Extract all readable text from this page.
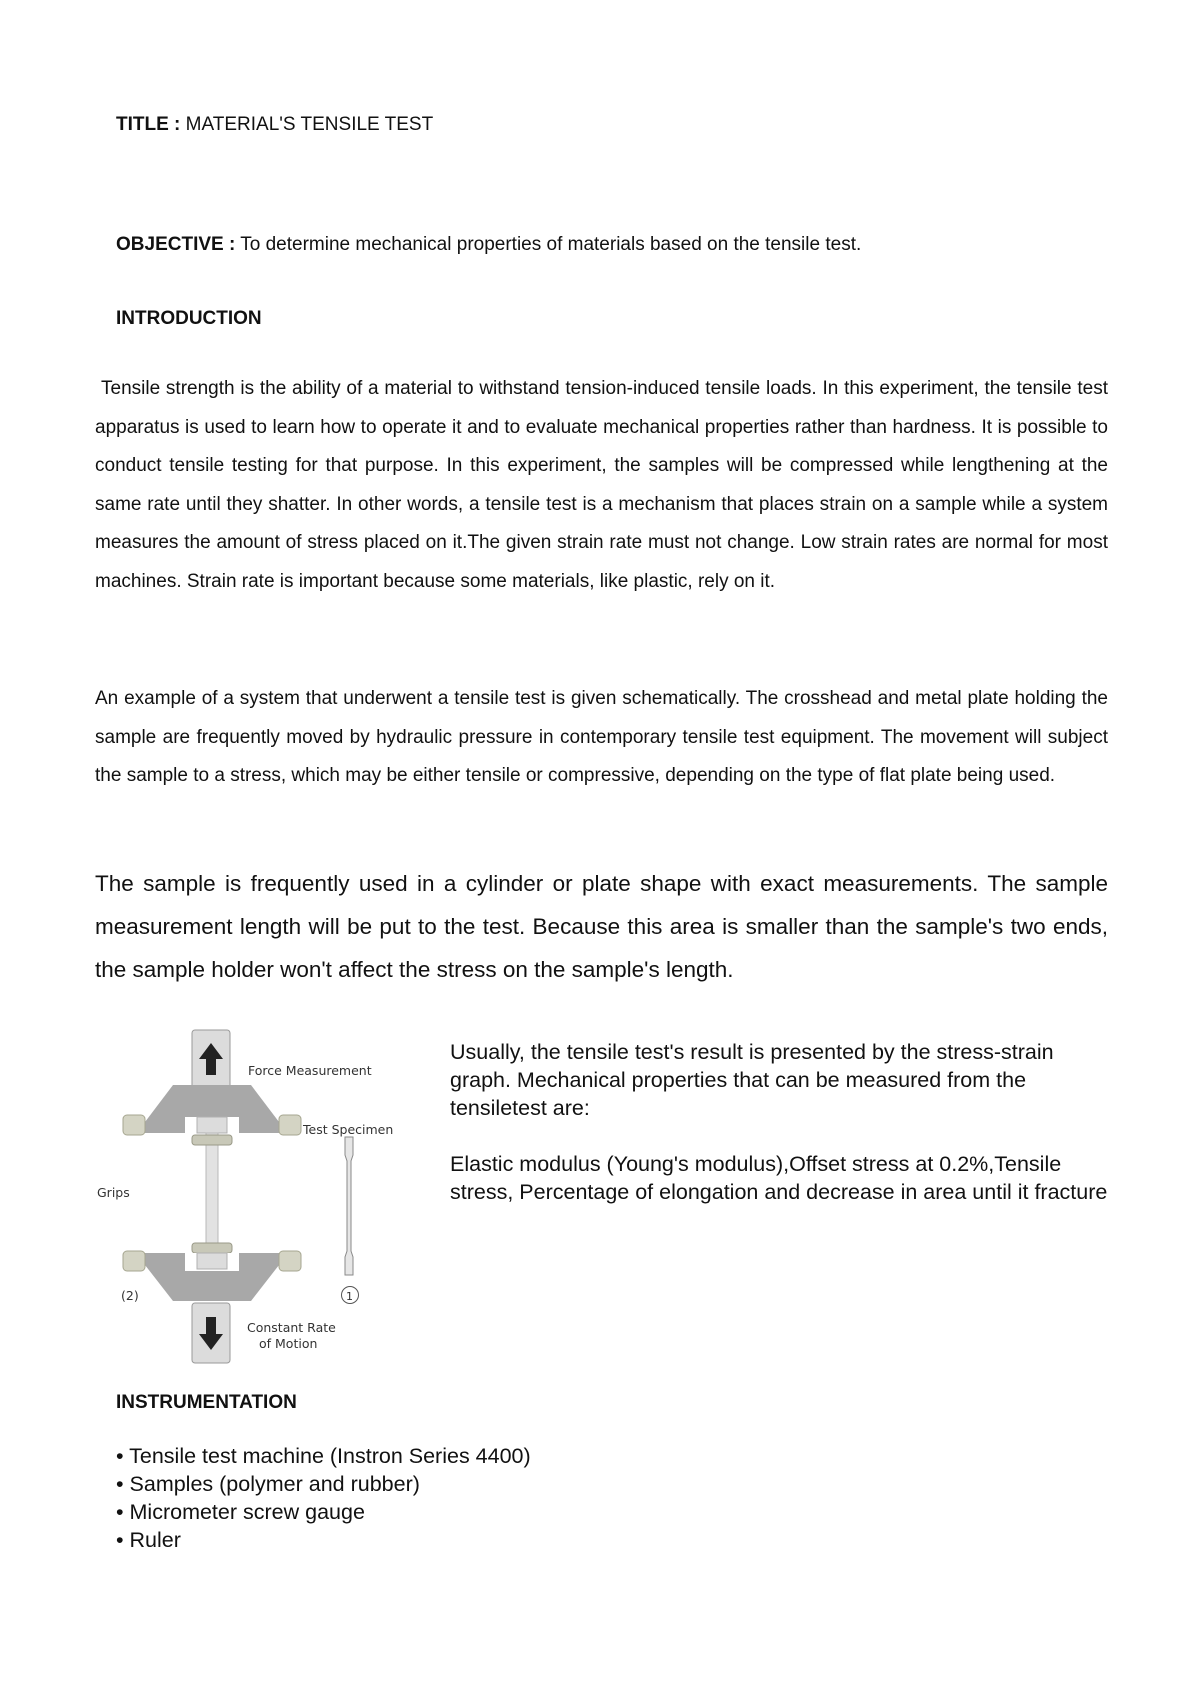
TITLE : MATERIAL'S TENSILE TEST
OBJECTIVE : To determine mechanical properties of materials based on the tensile test.
INTRODUCTION
Tensile strength is the ability of a material to withstand tension-induced tensile loads. In this experiment, the tensile test apparatus is used to learn how to operate it and to evaluate mechanical properties rather than hardness. It is possible to conduct tensile testing for that purpose. In this experiment, the samples will be compressed while lengthening at the same rate until they shatter. In other words, a tensile test is a mechanism that places strain on a sample while a system measures the amount of stress placed on it.The given strain rate must not change. Low strain rates are normal for most machines. Strain rate is important because some materials, like plastic, rely on it.
An example of a system that underwent a tensile test is given schematically. The crosshead and metal plate holding the sample are frequently moved by hydraulic pressure in contemporary tensile test equipment. The movement will subject the sample to a stress, which may be either tensile or compressive, depending on the type of flat plate being used.
The sample is frequently used in a cylinder or plate shape with exact measurements. The sample measurement length will be put to the test. Because this area is smaller than the sample's two ends, the sample holder won't affect the stress on the sample's length.
Force Measurement
Test Specimen
Grips
(2)	1
Constant Rate
of Motion

Usually, the tensile test's result is presented by the stress-strain graph. Mechanical properties that can be measured from the tensiletest are:

Elastic modulus (Young's modulus),Offset stress at 0.2%,Tensile stress, Percentage of elongation and decrease in area until it fracture

INSTRUMENTATION
• Tensile test machine (Instron Series 4400)
• Samples (polymer and rubber)
• Micrometer screw gauge
• Ruler
